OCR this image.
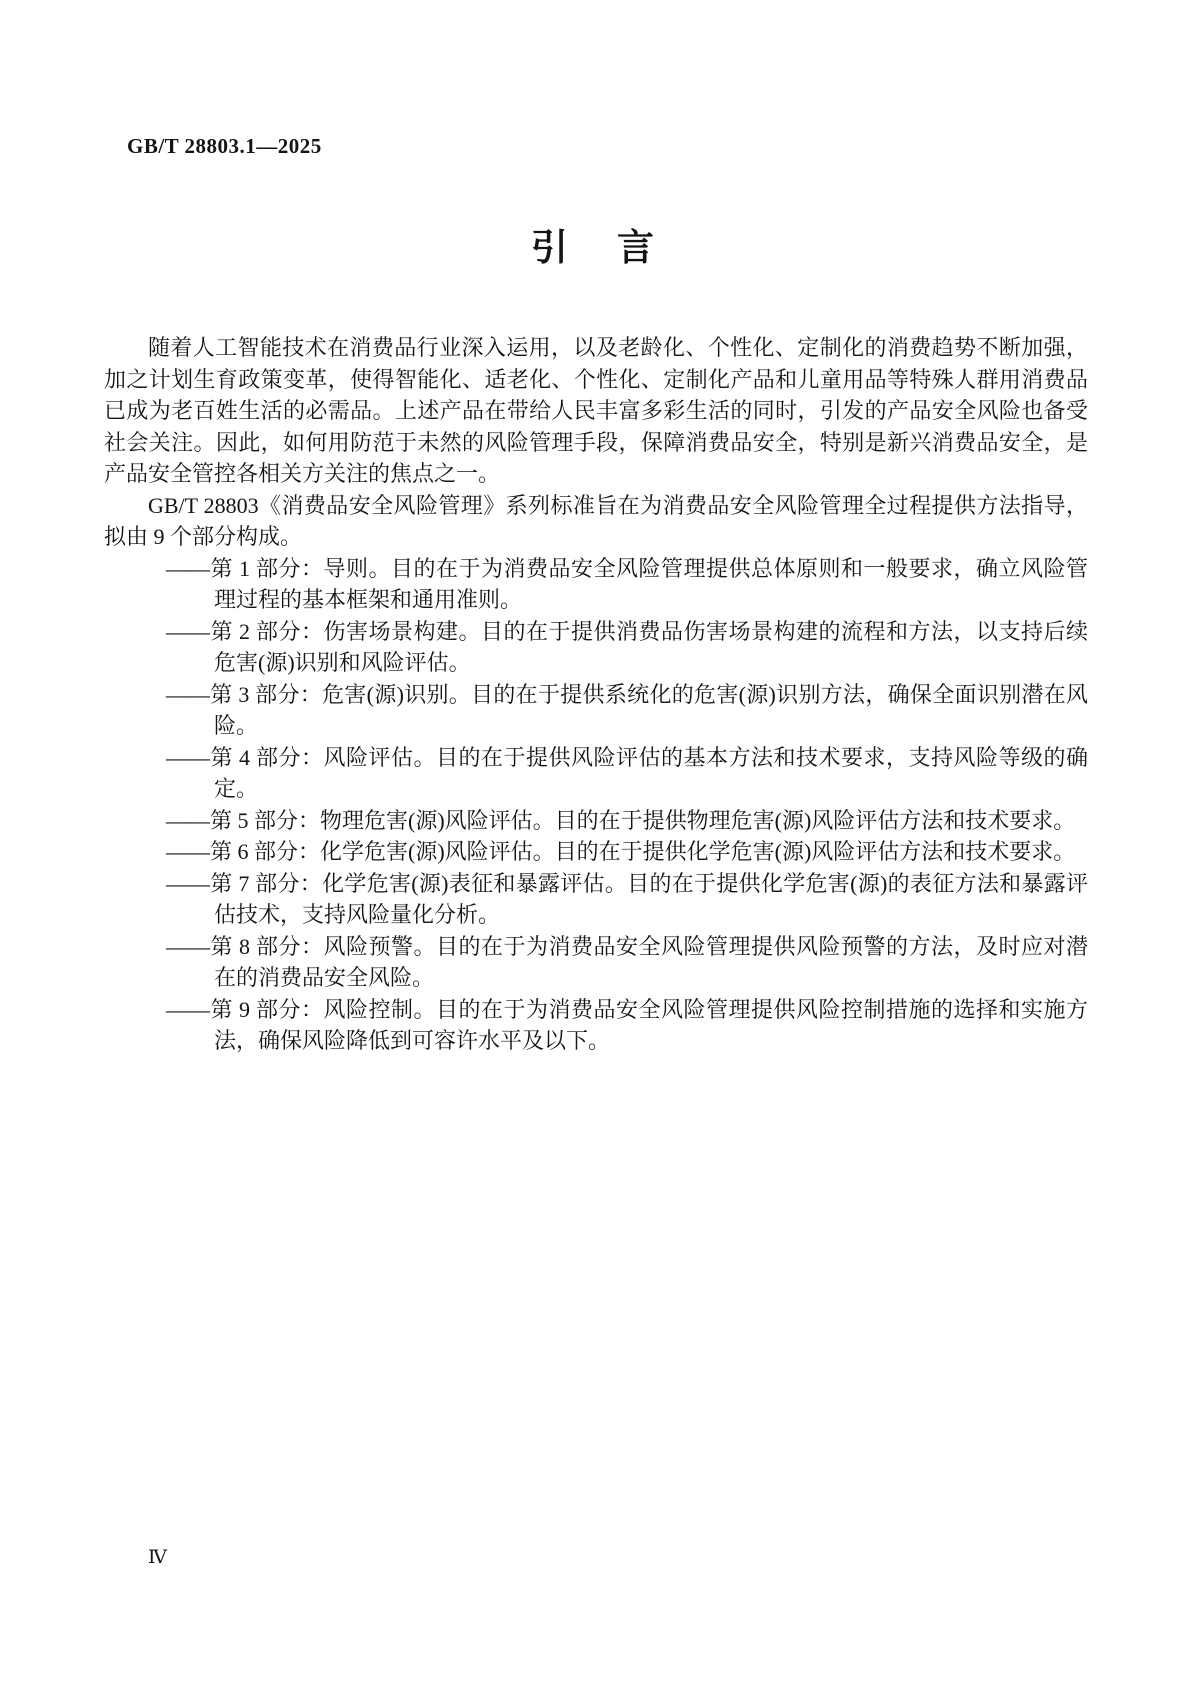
GB/T 28803.1—2025
引　言

随着人工智能技术在消费品行业深入运用，以及老龄化、个性化、定制化的消费趋势不断加强，加之计划生育政策变革，使得智能化、适老化、个性化、定制化产品和儿童用品等特殊人群用消费品已成为老百姓生活的必需品。上述产品在带给人民丰富多彩生活的同时，引发的产品安全风险也备受社会关注。因此，如何用防范于未然的风险管理手段，保障消费品安全，特别是新兴消费品安全，是产品安全管控各相关方关注的焦点之一。

GB/T 28803《消费品安全风险管理》系列标准旨在为消费品安全风险管理全过程提供方法指导，拟由 9 个部分构成。

——第 1 部分：导则。目的在于为消费品安全风险管理提供总体原则和一般要求，确立风险管理过程的基本框架和通用准则。

——第 2 部分：伤害场景构建。目的在于提供消费品伤害场景构建的流程和方法，以支持后续危害(源)识别和风险评估。

——第 3 部分：危害(源)识别。目的在于提供系统化的危害(源)识别方法，确保全面识别潜在风险。

——第 4 部分：风险评估。目的在于提供风险评估的基本方法和技术要求，支持风险等级的确定。

——第 5 部分：物理危害(源)风险评估。目的在于提供物理危害(源)风险评估方法和技术要求。

——第 6 部分：化学危害(源)风险评估。目的在于提供化学危害(源)风险评估方法和技术要求。

——第 7 部分：化学危害(源)表征和暴露评估。目的在于提供化学危害(源)的表征方法和暴露评估技术，支持风险量化分析。

——第 8 部分：风险预警。目的在于为消费品安全风险管理提供风险预警的方法，及时应对潜在的消费品安全风险。

——第 9 部分：风险控制。目的在于为消费品安全风险管理提供风险控制措施的选择和实施方法，确保风险降低到可容许水平及以下。

Ⅳ
